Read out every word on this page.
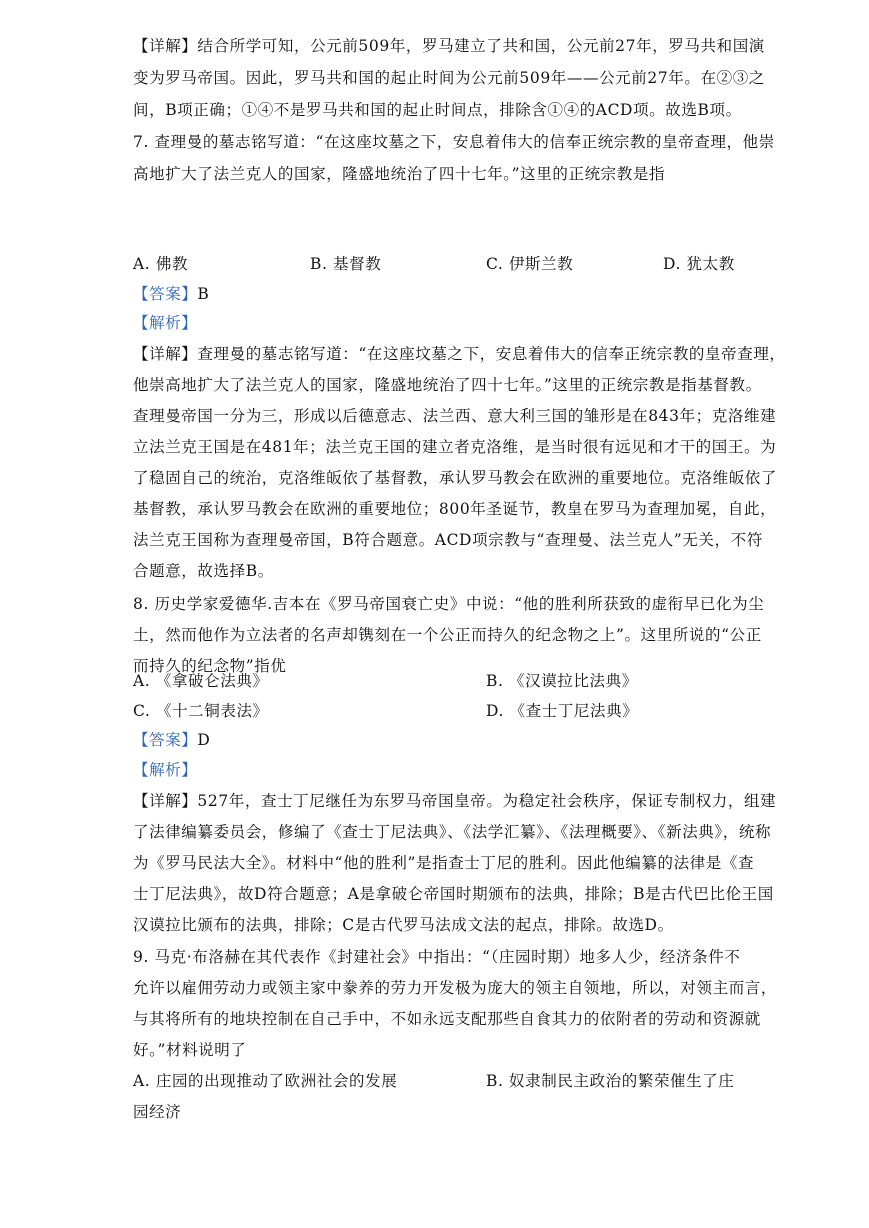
【详解】结合所学可知，公元前509年，罗马建立了共和国，公元前27年，罗马共和国演
变为罗马帝国。因此，罗马共和国的起止时间为公元前509年——公元前27年。在②③之
间，B项正确；①④不是罗马共和国的起止时间点，排除含①④的ACD项。故选B项。
7. 查理曼的墓志铭写道：“在这座坟墓之下，安息着伟大的信奉正统宗教的皇帝查理，他崇
高地扩大了法兰克人的国家，隆盛地统治了四十七年。”这里的正统宗教是指
A. 佛教	B. 基督教	C. 伊斯兰教	D. 犹太教
【答案】B
【解析】
【详解】查理曼的墓志铭写道：“在这座坟墓之下，安息着伟大的信奉正统宗教的皇帝查理，
他崇高地扩大了法兰克人的国家，隆盛地统治了四十七年。”这里的正统宗教是指基督教。
查理曼帝国一分为三，形成以后德意志、法兰西、意大利三国的雏形是在843年；克洛维建
立法兰克王国是在481年；法兰克王国的建立者克洛维，是当时很有远见和才干的国王。为
了稳固自己的统治，克洛维皈依了基督教，承认罗马教会在欧洲的重要地位。克洛维皈依了
基督教，承认罗马教会在欧洲的重要地位；800年圣诞节，教皇在罗马为查理加冕，自此，
法兰克王国称为查理曼帝国，B符合题意。ACD项宗教与“查理曼、法兰克人”无关，不符
合题意，故选择B。
8. 历史学家爱德华.吉本在《罗马帝国衰亡史》中说：“他的胜利所获致的虚衔早已化为尘
土，然而他作为立法者的名声却镌刻在一个公正而持久的纪念物之上”。这里所说的“公正
而持久的纪念物”指优
A. 《拿破仑法典》	B. 《汉谟拉比法典》
C. 《十二铜表法》	D. 《查士丁尼法典》
【答案】D
【解析】
【详解】527年，查士丁尼继任为东罗马帝国皇帝。为稳定社会秩序，保证专制权力，组建
了法律编纂委员会，修编了《查士丁尼法典》、《法学汇纂》、《法理概要》、《新法典》，统称
为《罗马民法大全》。材料中“他的胜利”是指查士丁尼的胜利。因此他编纂的法律是《查
士丁尼法典》，故D符合题意；A是拿破仑帝国时期颁布的法典，排除；B是古代巴比伦王国
汉谟拉比颁布的法典，排除；C是古代罗马法成文法的起点，排除。故选D。
9. 马克·布洛赫在其代表作《封建社会》中指出：“（庄园时期）地多人少，经济条件不
允许以雇佣劳动力或领主家中豢养的劳力开发极为庞大的领主自领地，所以，对领主而言，
与其将所有的地块控制在自己手中，不如永远支配那些自食其力的依附者的劳动和资源就
好。”材料说明了
A. 庄园的出现推动了欧洲社会的发展	B. 奴隶制民主政治的繁荣催生了庄
园经济
